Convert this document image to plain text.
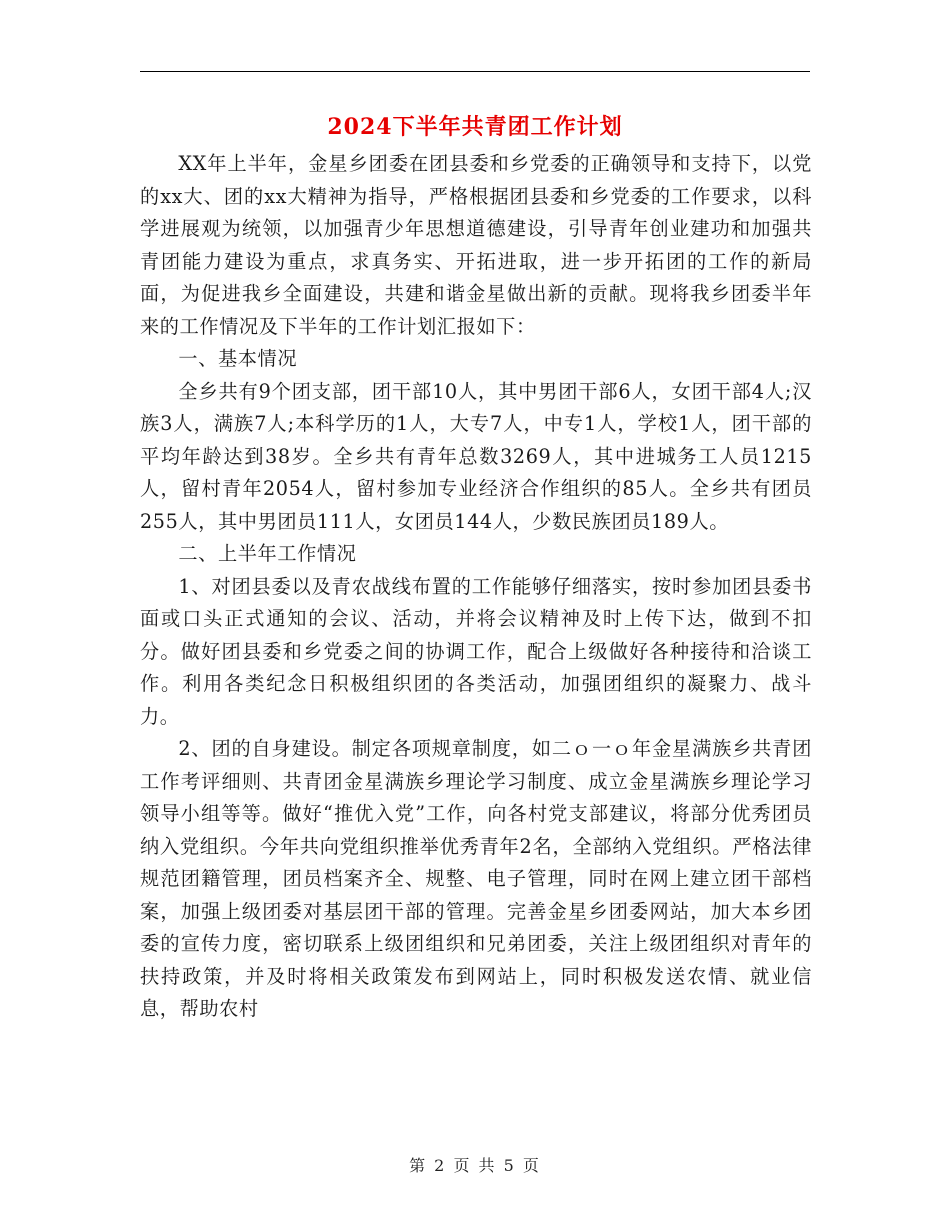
2024下半年共青团工作计划

XX年上半年，金星乡团委在团县委和乡党委的正确领导和支持下，以党的xx大、团的xx大精神为指导，严格根据团县委和乡党委的工作要求，以科学进展观为统领，以加强青少年思想道德建设，引导青年创业建功和加强共青团能力建设为重点，求真务实、开拓进取，进一步开拓团的工作的新局面，为促进我乡全面建设，共建和谐金星做出新的贡献。现将我乡团委半年来的工作情况及下半年的工作计划汇报如下：

一、基本情况

全乡共有9个团支部，团干部10人，其中男团干部6人，女团干部4人;汉族3人，满族7人;本科学历的1人，大专7人，中专1人，学校1人，团干部的平均年龄达到38岁。全乡共有青年总数3269人，其中进城务工人员1215人，留村青年2054人，留村参加专业经济合作组织的85人。全乡共有团员255人，其中男团员111人，女团员144人，少数民族团员189人。

二、上半年工作情况

1、对团县委以及青农战线布置的工作能够仔细落实，按时参加团县委书面或口头正式通知的会议、活动，并将会议精神及时上传下达，做到不扣分。做好团县委和乡党委之间的协调工作，配合上级做好各种接待和洽谈工作。利用各类纪念日积极组织团的各类活动，加强团组织的凝聚力、战斗力。

2、团的自身建设。制定各项规章制度，如二ｏ一ｏ年金星满族乡共青团工作考评细则、共青团金星满族乡理论学习制度、成立金星满族乡理论学习领导小组等等。做好“推优入党”工作，向各村党支部建议，将部分优秀团员纳入党组织。今年共向党组织推举优秀青年2名，全部纳入党组织。严格法律规范团籍管理，团员档案齐全、规整、电子管理，同时在网上建立团干部档案，加强上级团委对基层团干部的管理。完善金星乡团委网站，加大本乡团委的宣传力度，密切联系上级团组织和兄弟团委，关注上级团组织对青年的扶持政策，并及时将相关政策发布到网站上，同时积极发送农情、就业信息，帮助农村

第 2 页 共 5 页
